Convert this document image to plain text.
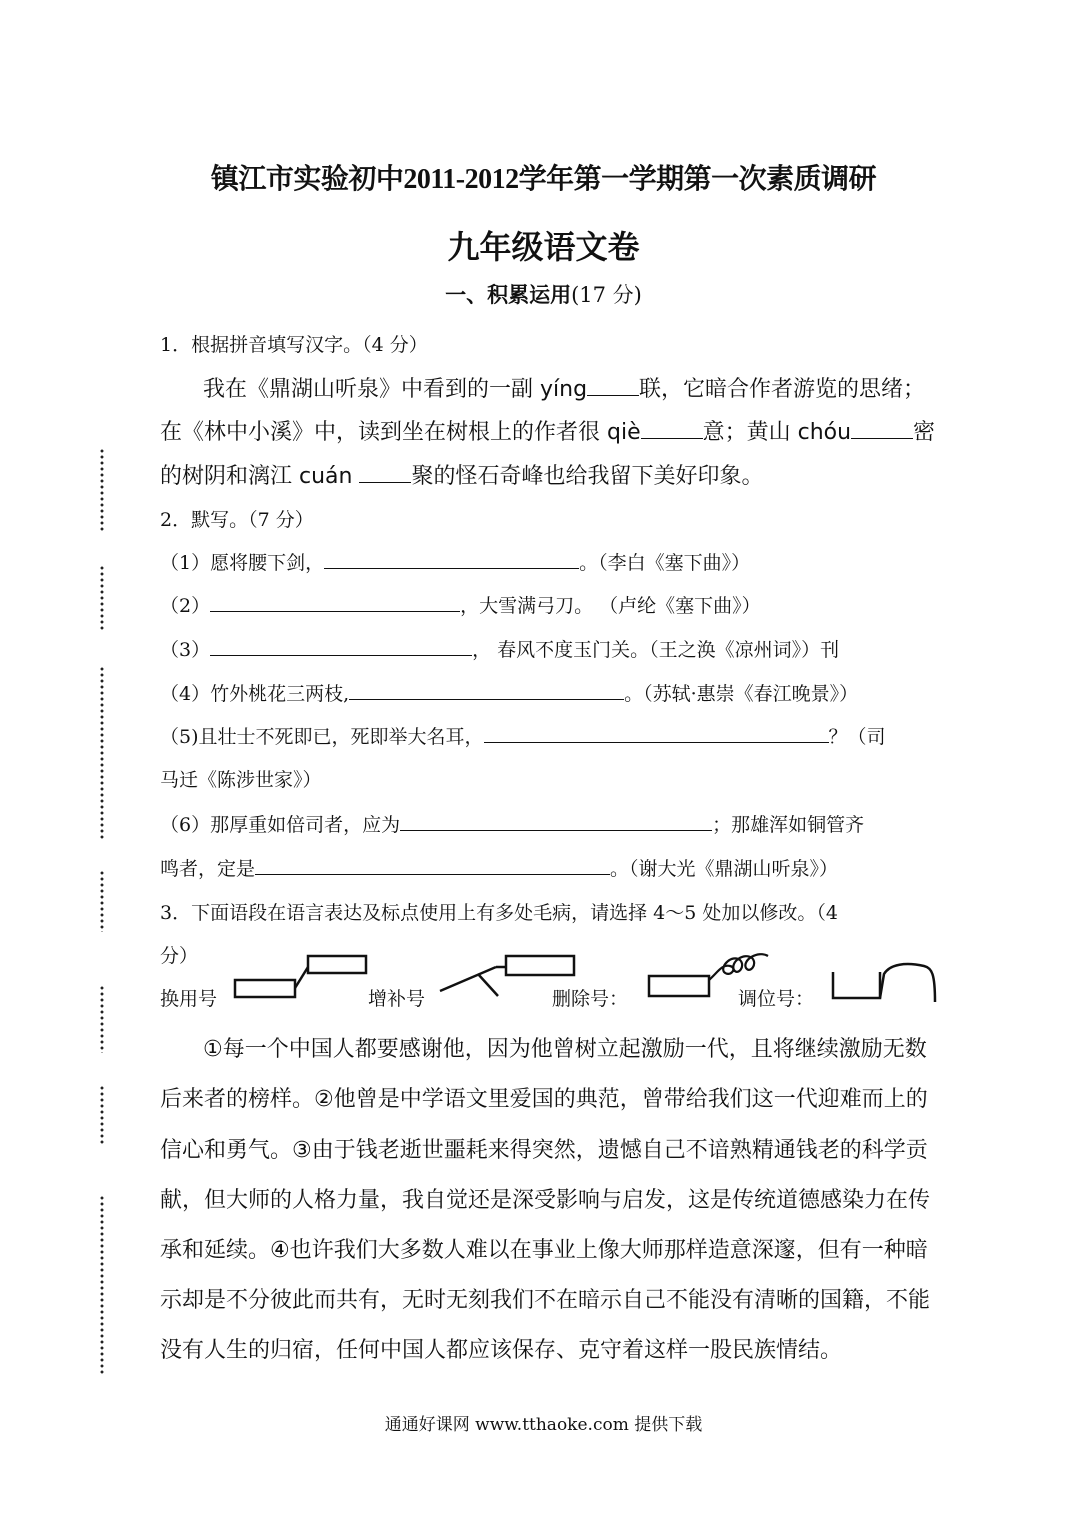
镇江市实验初中2011-2012学年第一学期第一次素质调研
九年级语文卷
一、积累运用(17 分)
1．根据拼音填写汉字。（4 分）
我在《鼎湖山听泉》中看到的一副 yíng 联，它暗合作者游览的思绪；
在《林中小溪》中，读到坐在树根上的作者很 qiè	意；黄山 chóu	密
的树阴和漓江 cuán 聚的怪石奇峰也给我留下美好印象。
2．默写。（7 分）
（1）愿将腰下剑，	。（李白《塞下曲》）
（2）	，大雪满弓刀。 （卢纶《塞下曲》）
（3）	， 春风不度玉门关。（王之涣《凉州词》）刊
（4）竹外桃花三两枝,	。（苏轼·惠崇《春江晚景》）
（5)且壮士不死即已，死即举大名耳，	？（司
马迁《陈涉世家》）
（6）那厚重如倍司者，应为	；那雄浑如铜管齐
鸣者，定是	。（谢大光《鼎湖山听泉》）
3．下面语段在语言表达及标点使用上有多处毛病，请选择 4～5 处加以修改。（4
分）
换用号	增补号	删除号：	调位号：
①每一个中国人都要感谢他，因为他曾树立起激励一代，且将继续激励无数
后来者的榜样。②他曾是中学语文里爱国的典范，曾带给我们这一代迎难而上的
信心和勇气。③由于钱老逝世噩耗来得突然，遗憾自己不谙熟精通钱老的科学贡
献，但大师的人格力量，我自觉还是深受影响与启发，这是传统道德感染力在传
承和延续。④也许我们大多数人难以在事业上像大师那样造意深邃，但有一种暗
示却是不分彼此而共有，无时无刻我们不在暗示自己不能没有清晰的国籍，不能
没有人生的归宿，任何中国人都应该保存、克守着这样一股民族情结。
通通好课网 www.tthaoke.com 提供下载
